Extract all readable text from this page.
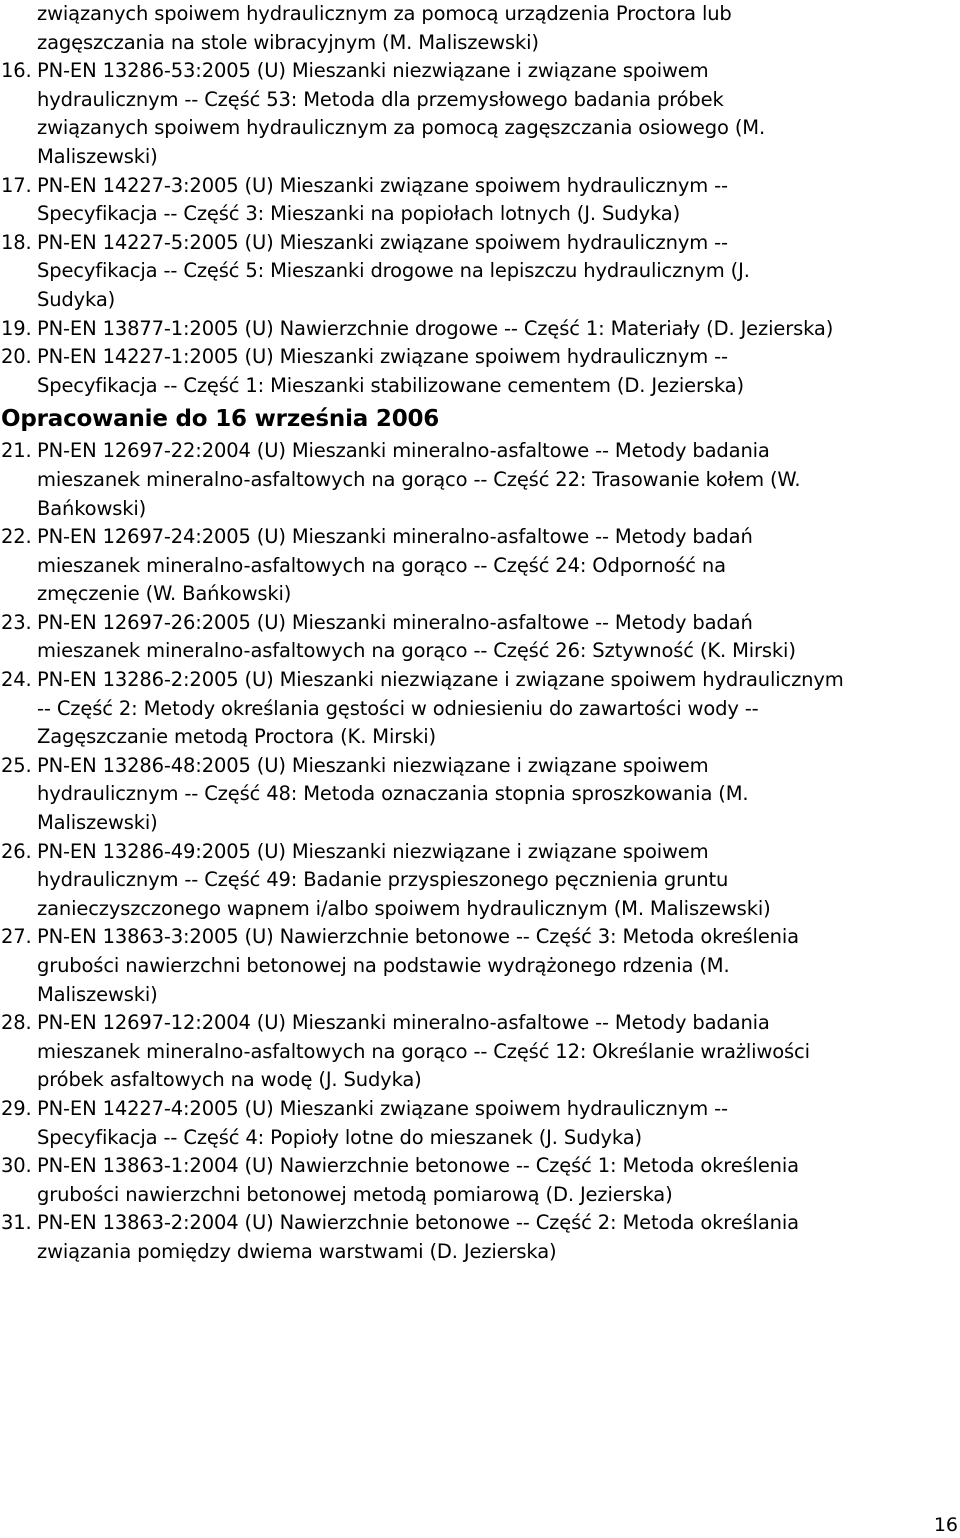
związanych spoiwem hydraulicznym za pomocą urządzenia Proctora lub
zagęszczania na stole wibracyjnym (M. Maliszewski)
16. PN-EN 13286-53:2005 (U) Mieszanki niezwiązane i związane spoiwem
hydraulicznym -- Część 53: Metoda dla przemysłowego badania próbek
związanych spoiwem hydraulicznym za pomocą zagęszczania osiowego (M.
Maliszewski)
17. PN-EN 14227-3:2005 (U) Mieszanki związane spoiwem hydraulicznym --
Specyfikacja -- Część 3: Mieszanki na popiołach lotnych (J. Sudyka)
18. PN-EN 14227-5:2005 (U) Mieszanki związane spoiwem hydraulicznym --
Specyfikacja -- Część 5: Mieszanki drogowe na lepiszczu hydraulicznym (J.
Sudyka)
19. PN-EN 13877-1:2005 (U) Nawierzchnie drogowe -- Część 1: Materiały (D. Jezierska)
20. PN-EN 14227-1:2005 (U) Mieszanki związane spoiwem hydraulicznym --
Specyfikacja -- Część 1: Mieszanki stabilizowane cementem (D. Jezierska)
Opracowanie do 16 września 2006
21. PN-EN 12697-22:2004 (U) Mieszanki mineralno-asfaltowe -- Metody badania
mieszanek mineralno-asfaltowych na gorąco -- Część 22: Trasowanie kołem (W.
Bańkowski)
22. PN-EN 12697-24:2005 (U) Mieszanki mineralno-asfaltowe -- Metody badań
mieszanek mineralno-asfaltowych na gorąco -- Część 24: Odporność na
zmęczenie (W. Bańkowski)
23. PN-EN 12697-26:2005 (U) Mieszanki mineralno-asfaltowe -- Metody badań
mieszanek mineralno-asfaltowych na gorąco -- Część 26: Sztywność (K. Mirski)
24. PN-EN 13286-2:2005 (U) Mieszanki niezwiązane i związane spoiwem hydraulicznym
-- Część 2: Metody określania gęstości w odniesieniu do zawartości wody --
Zagęszczanie metodą Proctora (K. Mirski)
25. PN-EN 13286-48:2005 (U) Mieszanki niezwiązane i związane spoiwem
hydraulicznym -- Część 48: Metoda oznaczania stopnia sproszkowania (M.
Maliszewski)
26. PN-EN 13286-49:2005 (U) Mieszanki niezwiązane i związane spoiwem
hydraulicznym -- Część 49: Badanie przyspieszonego pęcznienia gruntu
zanieczyszczonego wapnem i/albo spoiwem hydraulicznym (M. Maliszewski)
27. PN-EN 13863-3:2005 (U) Nawierzchnie betonowe -- Część 3: Metoda określenia
grubości nawierzchni betonowej na podstawie wydrążonego rdzenia (M.
Maliszewski)
28. PN-EN 12697-12:2004 (U) Mieszanki mineralno-asfaltowe -- Metody badania
mieszanek mineralno-asfaltowych na gorąco -- Część 12: Określanie wrażliwości
próbek asfaltowych na wodę (J. Sudyka)
29. PN-EN 14227-4:2005 (U) Mieszanki związane spoiwem hydraulicznym --
Specyfikacja -- Część 4: Popioły lotne do mieszanek (J. Sudyka)
30. PN-EN 13863-1:2004 (U) Nawierzchnie betonowe -- Część 1: Metoda określenia
grubości nawierzchni betonowej metodą pomiarową (D. Jezierska)
31. PN-EN 13863-2:2004 (U) Nawierzchnie betonowe -- Część 2: Metoda określania
związania pomiędzy dwiema warstwami (D. Jezierska)
16
